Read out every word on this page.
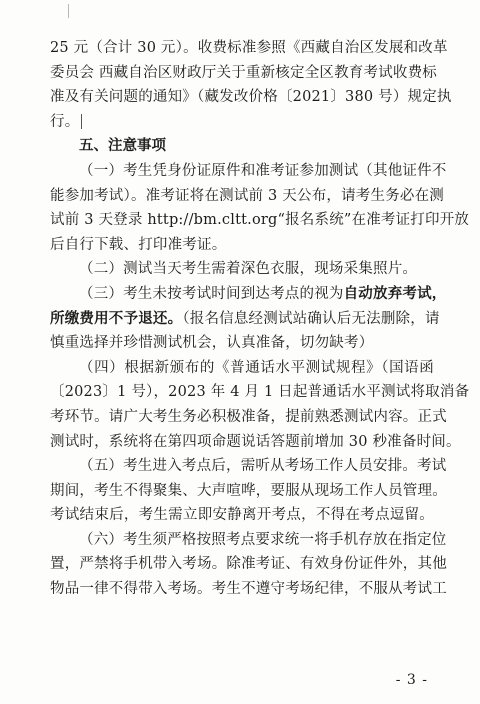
25 元（合计 30 元）。收费标准参照《西藏自治区发展和改革
委员会 西藏自治区财政厅关于重新核定全区教育考试收费标
准及有关问题的通知》（藏发改价格〔2021〕380 号）规定执
行。
五、注意事项
（一）考生凭身份证原件和准考证参加测试（其他证件不
能参加考试）。准考证将在测试前 3 天公布，请考生务必在测
试前 3 天登录 http://bm.cltt.org“报名系统”在准考证打印开放
后自行下载、打印准考证。
（二）测试当天考生需着深色衣服，现场采集照片。
（三）考生未按考试时间到达考点的视为自动放弃考试，
所缴费用不予退还。（报名信息经测试站确认后无法删除，请
慎重选择并珍惜测试机会，认真准备，切勿缺考）
（四）根据新颁布的《普通话水平测试规程》（国语函
〔2023〕1 号），2023 年 4 月 1 日起普通话水平测试将取消备
考环节。请广大考生务必积极准备，提前熟悉测试内容。正式
测试时，系统将在第四项命题说话答题前增加 30 秒准备时间。
（五）考生进入考点后，需听从考场工作人员安排。考试
期间，考生不得聚集、大声喧哗，要服从现场工作人员管理。
考试结束后，考生需立即安静离开考点，不得在考点逗留。
（六）考生须严格按照考点要求统一将手机存放在指定位
置，严禁将手机带入考场。除准考证、有效身份证件外，其他
物品一律不得带入考场。考生不遵守考场纪律，不服从考试工
- 3 -
